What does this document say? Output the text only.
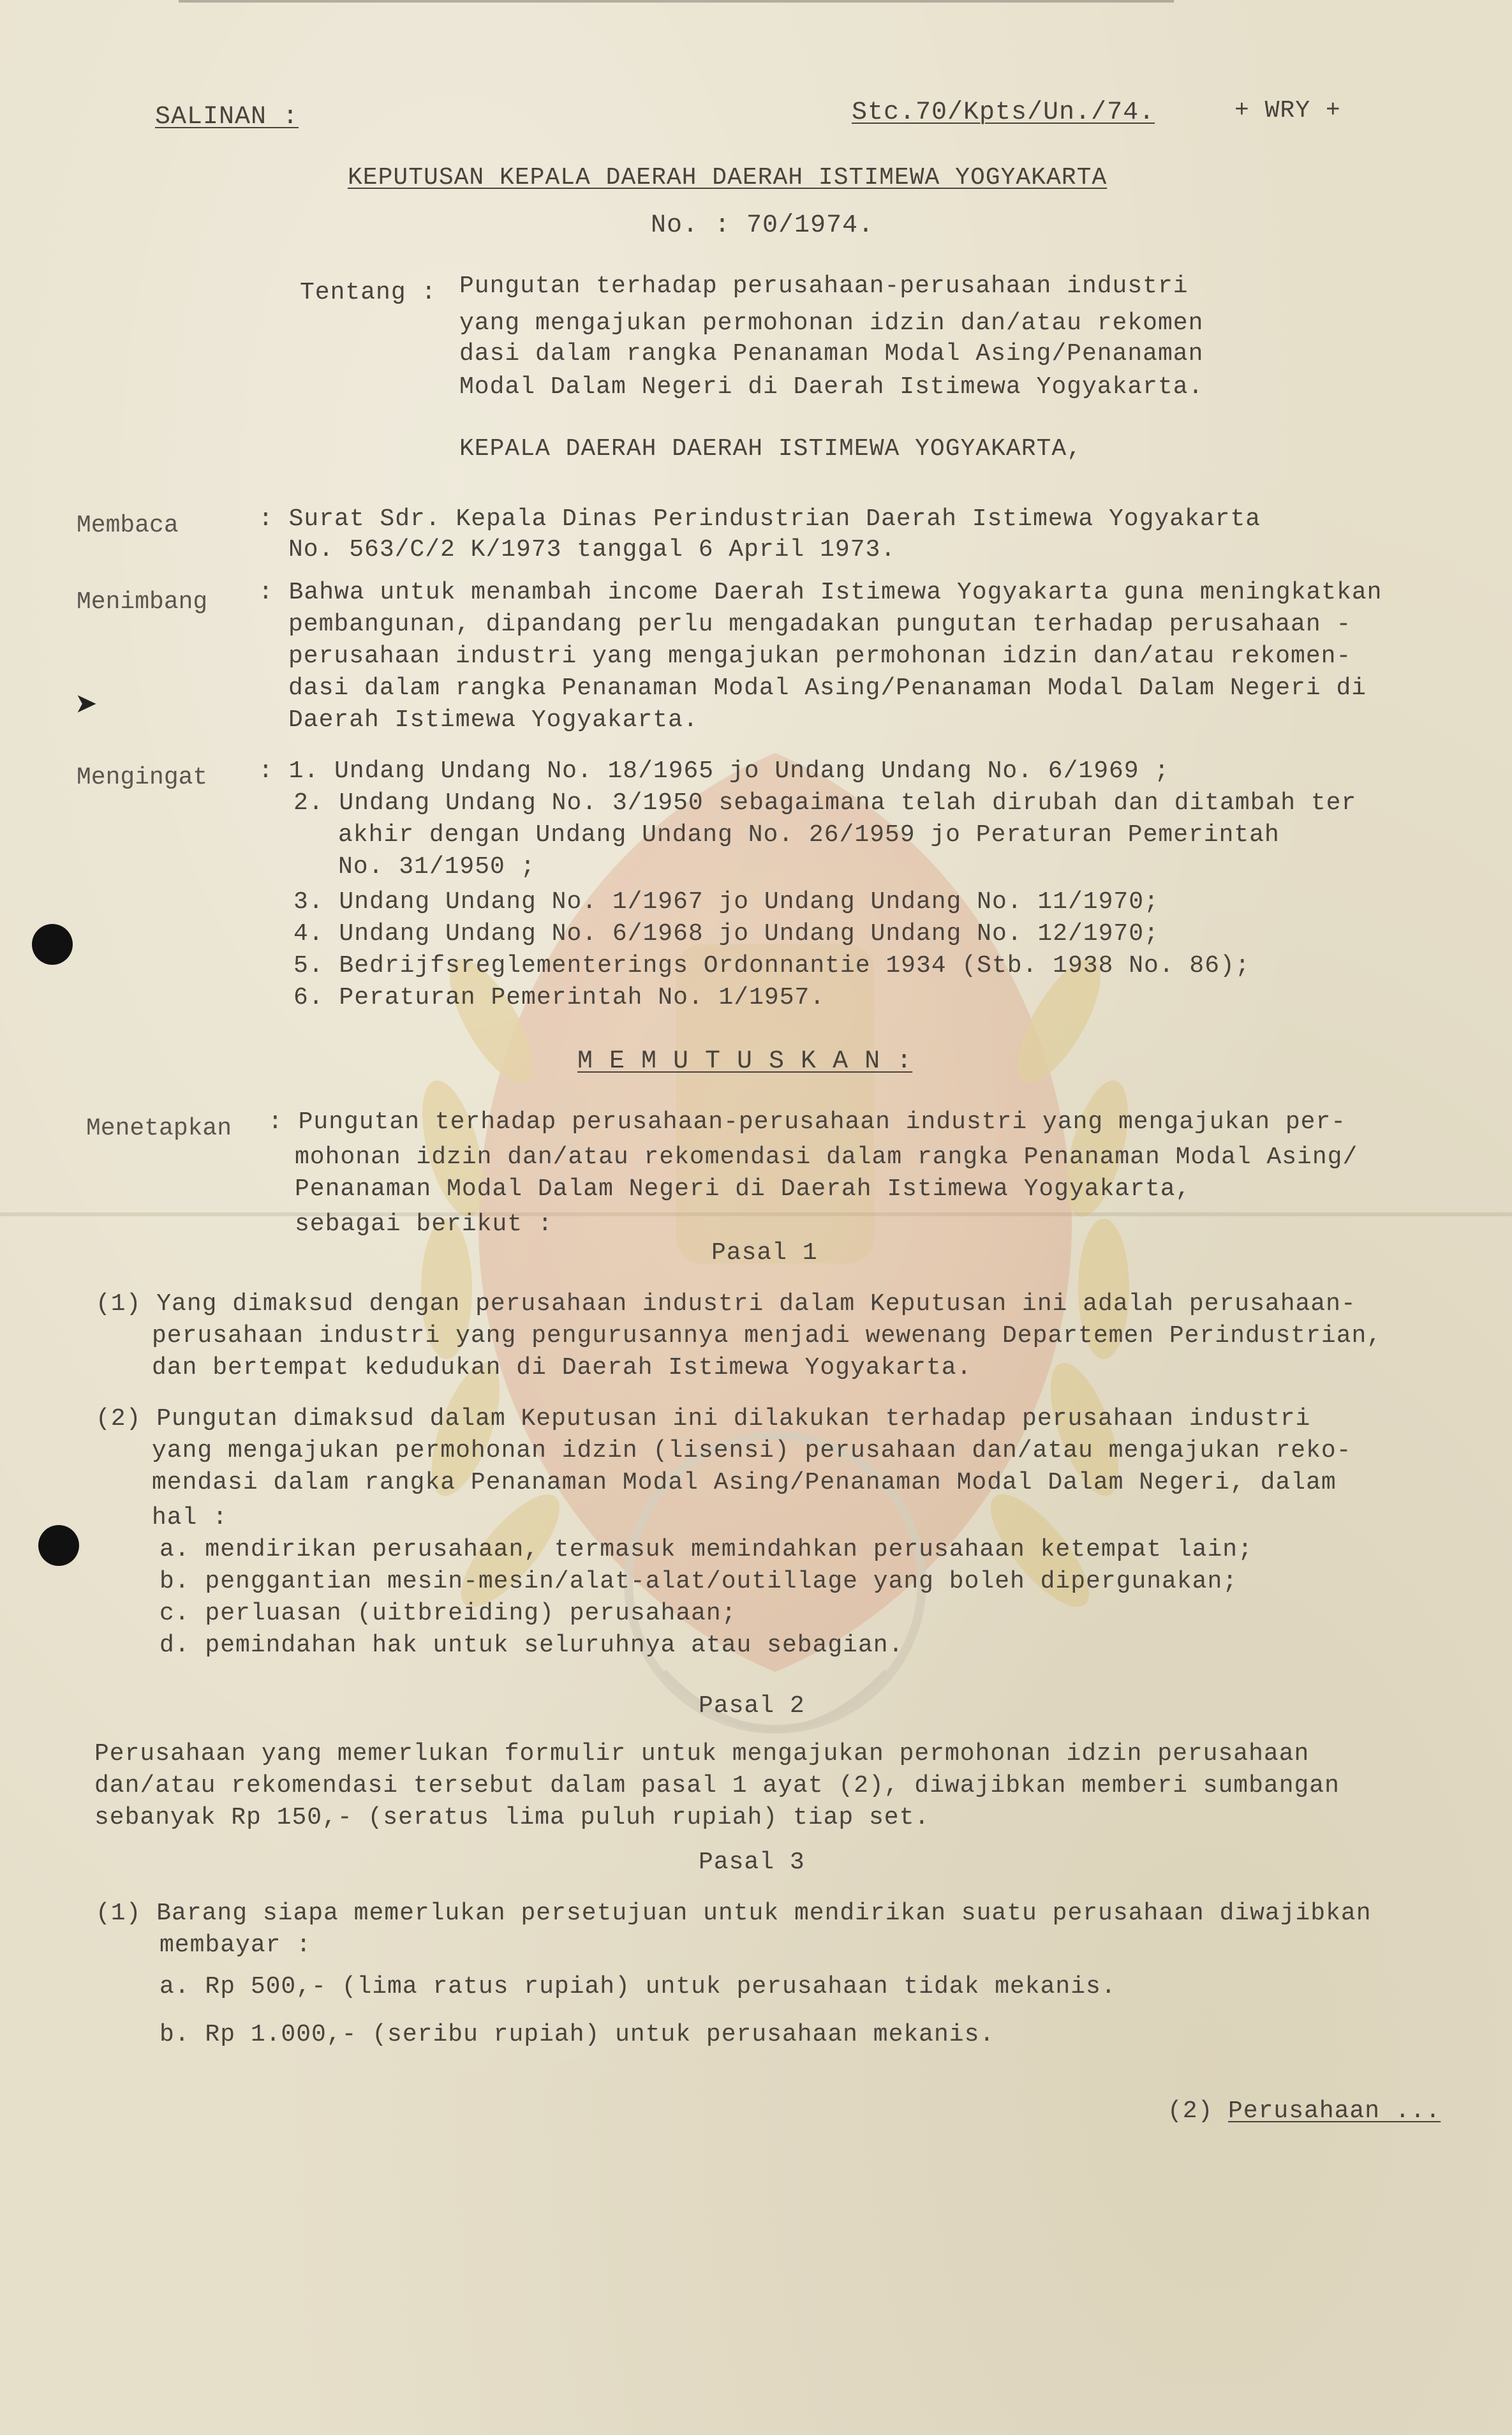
➤
SALINAN :	Stc.70/Kpts/Un./74.	+ WRY +
KEPUTUSAN KEPALA DAERAH DAERAH ISTIMEWA YOGYAKARTA
No. : 70/1974.
Tentang : Pungutan terhadap perusahaan-perusahaan industri
yang mengajukan permohonan idzin dan/atau rekomen
dasi dalam rangka Penanaman Modal Asing/Penanaman
Modal Dalam Negeri di Daerah Istimewa Yogyakarta.
KEPALA DAERAH DAERAH ISTIMEWA YOGYAKARTA,
Membaca	: Surat Sdr. Kepala Dinas Perindustrian Daerah Istimewa Yogyakarta
No. 563/C/2 K/1973 tanggal 6 April 1973.
Menimbang : Bahwa untuk menambah income Daerah Istimewa Yogyakarta guna meningkatkan
pembangunan, dipandang perlu mengadakan pungutan terhadap perusahaan -
perusahaan industri yang mengajukan permohonan idzin dan/atau rekomen-
dasi dalam rangka Penanaman Modal Asing/Penanaman Modal Dalam Negeri di
Daerah Istimewa Yogyakarta.
Mengingat : 1. Undang Undang No. 18/1965 jo Undang Undang No. 6/1969 ;
2. Undang Undang No. 3/1950 sebagaimana telah dirubah dan ditambah ter
akhir dengan Undang Undang No. 26/1959 jo Peraturan Pemerintah
No. 31/1950 ;
3. Undang Undang No. 1/1967 jo Undang Undang No. 11/1970;
4. Undang Undang No. 6/1968 jo Undang Undang No. 12/1970;
5. Bedrijfsreglementerings Ordonnantie 1934 (Stb. 1938 No. 86);
6. Peraturan Pemerintah No. 1/1957.
M E M U T U S K A N :
Menetapkan : Pungutan terhadap perusahaan-perusahaan industri yang mengajukan per-
mohonan idzin dan/atau rekomendasi dalam rangka Penanaman Modal Asing/
Penanaman Modal Dalam Negeri di Daerah Istimewa Yogyakarta,
sebagai berikut :
Pasal 1
(1) Yang dimaksud dengan perusahaan industri dalam Keputusan ini adalah perusahaan-
perusahaan industri yang pengurusannya menjadi wewenang Departemen Perindustrian,
dan bertempat kedudukan di Daerah Istimewa Yogyakarta.
(2) Pungutan dimaksud dalam Keputusan ini dilakukan terhadap perusahaan industri
yang mengajukan permohonan idzin (lisensi) perusahaan dan/atau mengajukan reko-
mendasi dalam rangka Penanaman Modal Asing/Penanaman Modal Dalam Negeri, dalam
hal :
a. mendirikan perusahaan, termasuk memindahkan perusahaan ketempat lain;
b. penggantian mesin-mesin/alat-alat/outillage yang boleh dipergunakan;
c. perluasan (uitbreiding) perusahaan;
d. pemindahan hak untuk seluruhnya atau sebagian.
Pasal 2
Perusahaan yang memerlukan formulir untuk mengajukan permohonan idzin perusahaan
dan/atau rekomendasi tersebut dalam pasal 1 ayat (2), diwajibkan memberi sumbangan
sebanyak Rp 150,- (seratus lima puluh rupiah) tiap set.
Pasal 3
(1) Barang siapa memerlukan persetujuan untuk mendirikan suatu perusahaan diwajibkan
membayar :
a. Rp 500,- (lima ratus rupiah) untuk perusahaan tidak mekanis.
b. Rp 1.000,- (seribu rupiah) untuk perusahaan mekanis.
(2) Perusahaan ...
